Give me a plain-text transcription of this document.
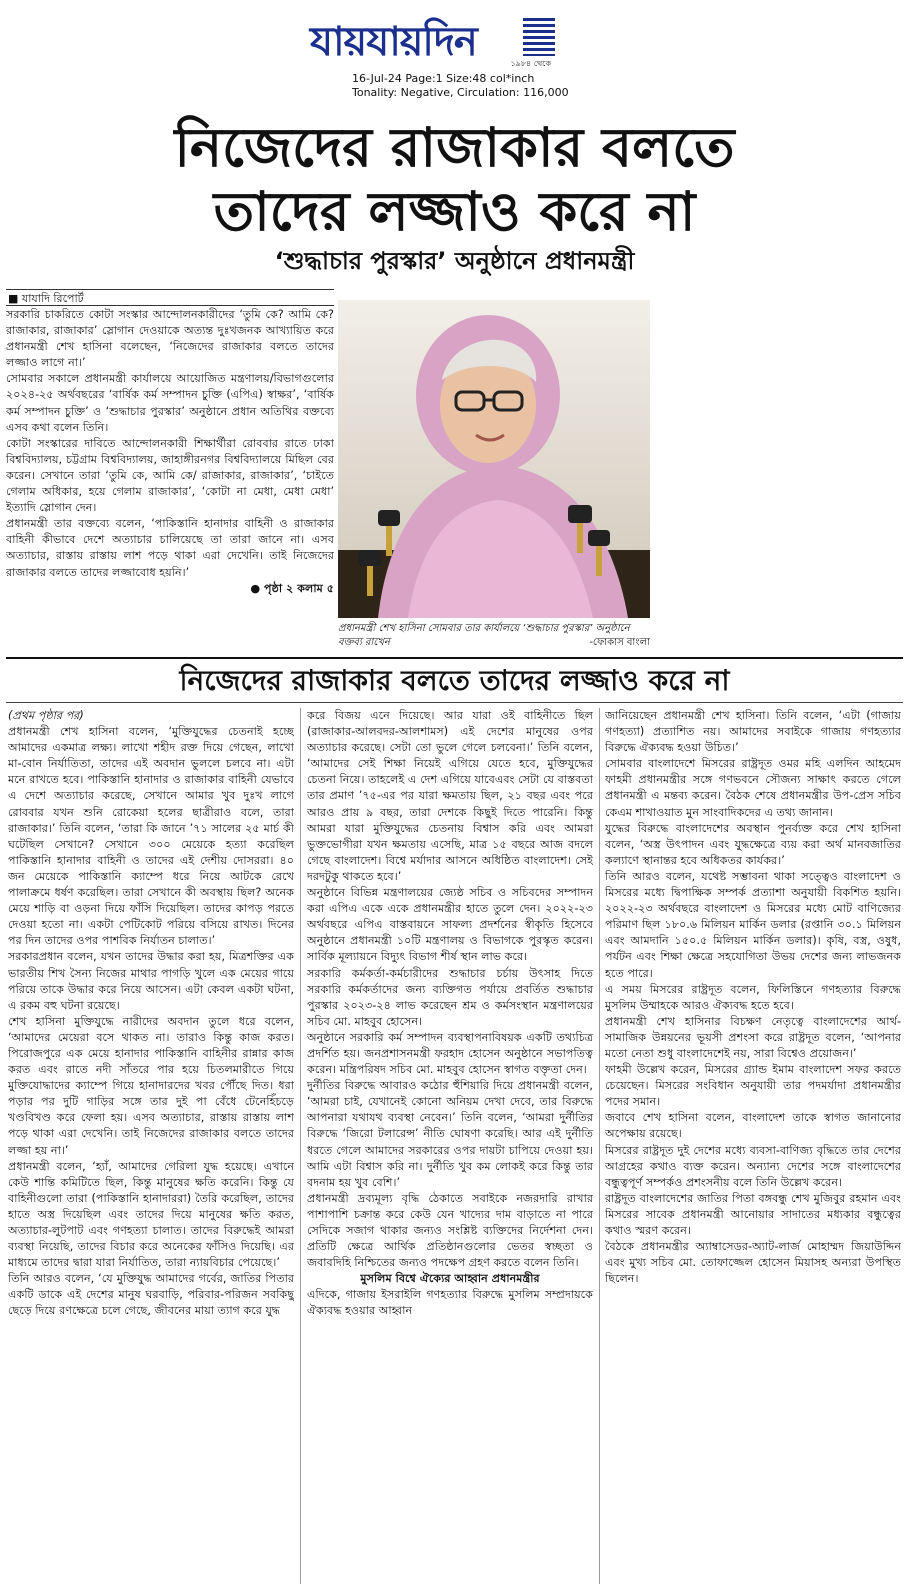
যায়যায়দিন	১৯৮৪ থেকে
16-Jul-24 Page:1 Size:48 col*inch
Tonality: Negative, Circulation: 116,000
নিজেদের রাজাকার বলতে
তাদের লজ্জাও করে না
‘শুদ্ধাচার পুরস্কার’ অনুষ্ঠানে প্রধানমন্ত্রী
■ যাযাদি রিপোর্ট

সরকারি চাকরিতে কোটা সংস্কার আন্দোলনকারীদের ‘তুমি কে? আমি কে? রাজাকার, রাজাকার’ স্লোগান দেওয়াকে অত্যন্ত দুঃখজনক আখ্যায়িত করে প্রধানমন্ত্রী শেখ হাসিনা বলেছেন, ‘নিজেদের রাজাকার বলতে তাদের লজ্জাও লাগে না।’

সোমবার সকালে প্রধানমন্ত্রী কার্যালয়ে আয়োজিত মন্ত্রণালয়/বিভাগগুলোর ২০২৪-২৫ অর্থবছরের ‘বার্ষিক কর্ম সম্পাদন চুক্তি (এপিএ) স্বাক্ষর’, ‘বার্ষিক কর্ম সম্পাদন চুক্তি’ ও ‘শুদ্ধাচার পুরস্কার’ অনুষ্ঠানে প্রধান অতিথির বক্তব্যে এসব কথা বলেন তিনি।

কোটা সংস্কারের দাবিতে আন্দোলনকারী শিক্ষার্থীরা রোববার রাতে ঢাকা বিশ্ববিদ্যালয়, চট্টগ্রাম বিশ্ববিদ্যালয়, জাহাঙ্গীরনগর বিশ্ববিদ্যালয়ে মিছিল বের করেন। সেখানে তারা ‘তুমি কে, আমি কে/ রাজাকার, রাজাকার’, ‘চাইতে গেলাম অধিকার, হয়ে গেলাম রাজাকার’, ‘কোটা না মেধা, মেধা মেধা’ ইত্যাদি স্লোগান দেন।

প্রধানমন্ত্রী তার বক্তব্যে বলেন, ‘পাকিস্তানি হানাদার বাহিনী ও রাজাকার বাহিনী কীভাবে দেশে অত্যাচার চালিয়েছে তা তারা জানে না। এসব অত্যাচার, রাস্তায় রাস্তায় লাশ পড়ে থাকা এরা দেখেনি। তাই নিজেদের রাজাকার বলতে তাদের লজ্জাবোধ হয়নি।’

● পৃষ্ঠা ২ কলাম ৫
প্রধানমন্ত্রী শেখ হাসিনা সোমবার তার কার্যালয়ে ‘শুদ্ধাচার পুরস্কার’ অনুষ্ঠানে বক্তব্য রাখেন	-ফোকাস বাংলা
নিজেদের রাজাকার বলতে তাদের লজ্জাও করে না

(প্রথম পৃষ্ঠার পর)

প্রধানমন্ত্রী শেখ হাসিনা বলেন, ‘মুক্তিযুদ্ধের চেতনাই হচ্ছে আমাদের একমাত্র লক্ষ্য। লাখো শহীদ রক্ত দিয়ে গেছেন, লাখো মা-বোন নির্যাতিতা, তাদের এই অবদান ভুললে চলবে না। এটা মনে রাখতে হবে। পাকিস্তানি হানাদার ও রাজাকার বাহিনী যেভাবে এ দেশে অত্যাচার করেছে, সেখানে আমার খুব দুঃখ লাগে রোববার যখন শুনি রোকেয়া হলের ছাত্রীরাও বলে, তারা রাজাকার।’ তিনি বলেন, ‘তারা কি জানে ’৭১ সালের ২৫ মার্চ কী ঘটেছিল সেখানে? সেখানে ৩০০ মেয়েকে হত্যা করেছিল পাকিস্তানি হানাদার বাহিনী ও তাদের এই দেশীয় দোসররা। ৪০ জন মেয়েকে পাকিস্তানি ক্যাম্পে ধরে নিয়ে আটকে রেখে পালাক্রমে ধর্ষণ করেছিল। তারা সেখানে কী অবস্থায় ছিল? অনেক মেয়ে শাড়ি বা ওড়না দিয়ে ফাঁসি দিয়েছিল। তাদের কাপড় পরতে দেওয়া হতো না। একটা পেটিকোট পরিয়ে বসিয়ে রাখত। দিনের পর দিন তাদের ওপর পাশবিক নির্যাতন চালাত।’

সরকারপ্রধান বলেন, যখন তাদের উদ্ধার করা হয়, মিত্রশক্তির এক ভারতীয় শিখ সৈন্য নিজের মাথার পাগড়ি খুলে এক মেয়ের গায়ে পরিয়ে তাকে উদ্ধার করে নিয়ে আসেন। এটা কেবল একটা ঘটনা, এ রকম বহু ঘটনা রয়েছে।

শেখ হাসিনা মুক্তিযুদ্ধে নারীদের অবদান তুলে ধরে বলেন, ‘আমাদের মেয়েরা বসে থাকত না। তারাও কিন্তু কাজ করত। পিরোজপুরে এক মেয়ে হানাদার পাকিস্তানি বাহিনীর রান্নার কাজ করত এবং রাতে নদী সাঁতরে পার হয়ে চিতলমারীতে গিয়ে মুক্তিযোদ্ধাদের ক্যাম্পে গিয়ে হানাদারদের খবর পৌঁছে দিত। ধরা পড়ার পর দুটি গাড়ির সঙ্গে তার দুই পা বেঁধে টেনেহিঁচড়ে খণ্ডবিখণ্ড করে ফেলা হয়। এসব অত্যাচার, রাস্তায় রাস্তায় লাশ পড়ে থাকা এরা দেখেনি। তাই নিজেদের রাজাকার বলতে তাদের লজ্জা হয় না।’

প্রধানমন্ত্রী বলেন, ‘হ্যাঁ, আমাদের গেরিলা যুদ্ধ হয়েছে। এখানে কেউ শান্তি কমিটিতে ছিল, কিন্তু মানুষের ক্ষতি করেনি। কিন্তু যে বাহিনীগুলো তারা (পাকিস্তানি হানাদাররা) তৈরি করেছিল, তাদের হাতে অস্ত্র দিয়েছিল এবং তাদের দিয়ে মানুষের ক্ষতি করত, অত্যাচার-লুটপাট এবং গণহত্যা চালাত। তাদের বিরুদ্ধেই আমরা ব্যবস্থা নিয়েছি, তাদের বিচার করে অনেকের ফাঁসিও দিয়েছি। এর মাধ্যমে তাদের দ্বারা যারা নির্যাতিত, তারা ন্যায়বিচার পেয়েছে।’

তিনি আরও বলেন, ‘যে মুক্তিযুদ্ধ আমাদের গর্বের, জাতির পিতার একটি ডাকে এই দেশের মানুষ ঘরবাড়ি, পরিবার-পরিজন সবকিছু ছেড়ে দিয়ে রণক্ষেত্রে চলে গেছে, জীবনের মায়া ত্যাগ করে যুদ্ধ

করে বিজয় এনে দিয়েছে। আর যারা ওই বাহিনীতে ছিল (রাজাকার-আলবদর-আলশামস) এই দেশের মানুষের ওপর অত্যাচার করেছে। সেটা তো ভুলে গেলে চলবেনা।’ তিনি বলেন, ‘আমাদের সেই শিক্ষা নিয়েই এগিয়ে যেতে হবে, মুক্তিযুদ্ধের চেতনা নিয়ে। তাহলেই এ দেশ এগিয়ে যাবেএবং সেটা যে বাস্তবতা তার প্রমাণ ’৭৫-এর পর যারা ক্ষমতায় ছিল, ২১ বছর এবং পরে আরও প্রায় ৯ বছর, তারা দেশকে কিছুই দিতে পারেনি। কিন্তু আমরা যারা মুক্তিযুদ্ধের চেতনায় বিশ্বাস করি এবং আমরা ভুক্তভোগীরা যখন ক্ষমতায় এসেছি, মাত্র ১৫ বছরে আজ বদলে গেছে বাংলাদেশ। বিশ্বে মর্যাদার আসনে অধিষ্ঠিত বাংলাদেশ। সেই দরদটুকু থাকতে হবে।’

অনুষ্ঠানে বিভিন্ন মন্ত্রণালয়ের জ্যেষ্ঠ সচিব ও সচিবদের সম্পাদন করা এপিএ একে একে প্রধানমন্ত্রীর হাতে তুলে দেন। ২০২২-২৩ অর্থবছরে এপিএ বাস্তবায়নে সাফল্য প্রদর্শনের স্বীকৃতি হিসেবে অনুষ্ঠানে প্রধানমন্ত্রী ১০টি মন্ত্রণালয় ও বিভাগকে পুরস্কৃত করেন। সার্বিক মূল্যায়নে বিদ্যুৎ বিভাগ শীর্ষ স্থান লাভ করে।

সরকারি কর্মকর্তা-কর্মচারীদের শুদ্ধাচার চর্চায় উৎসাহ দিতে সরকারি কর্মকর্তাদের জন্য ব্যক্তিগত পর্যায়ে প্রবর্তিত শুদ্ধাচার পুরস্কার ২০২৩-২৪ লাভ করেছেন শ্রম ও কর্মসংস্থান মন্ত্রণালয়ের সচিব মো. মাহবুব হোসেন।

অনুষ্ঠানে সরকারি কর্ম সম্পাদন ব্যবস্থাপনাবিষয়ক একটি তথ্যচিত্র প্রদর্শিত হয়। জনপ্রশাসনমন্ত্রী ফরহাদ হোসেন অনুষ্ঠানে সভাপতিত্ব করেন। মন্ত্রিপরিষদ সচিব মো. মাহবুব হোসেন স্বাগত বক্তৃতা দেন।

দুর্নীতির বিরুদ্ধে আবারও কঠোর হুঁশিয়ারি দিয়ে প্রধানমন্ত্রী বলেন, ‘আমরা চাই, যেখানেই কোনো অনিয়ম দেখা দেবে, তার বিরুদ্ধে আপনারা যথাযথ ব্যবস্থা নেবেন।’ তিনি বলেন, ‘আমরা দুর্নীতির বিরুদ্ধে ‘জিরো টলারেন্স’ নীতি ঘোষণা করেছি। আর এই দুর্নীতি ধরতে গেলে আমাদের সরকারের ওপর দায়টা চাপিয়ে দেওয়া হয়। আমি এটা বিশ্বাস করি না। দুর্নীতি খুব কম লোকই করে কিন্তু তার বদনাম হয় খুব বেশি।’

প্রধানমন্ত্রী দ্রব্যমূল্য বৃদ্ধি ঠেকাতে সবাইকে নজরদারি রাখার পাশাপাশি চক্রান্ত করে কেউ যেন খাদ্যের দাম বাড়াতে না পারে সেদিকে সজাগ থাকার জন্যও সংশ্লিষ্ট ব্যক্তিদের নির্দেশনা দেন। প্রতিটি ক্ষেত্রে আর্থিক প্রতিষ্ঠানগুলোর ভেতর স্বচ্ছতা ও জবাবদিহি নিশ্চিতের জন্যও পদক্ষেপ গ্রহণ করতে বলেন তিনি।

মুসলিম বিশ্বে ঐক্যের আহ্বান প্রধানমন্ত্রীর

এদিকে, গাজায় ইসরাইলি গণহত্যার বিরুদ্ধে মুসলিম সম্প্রদায়কে ঐক্যবদ্ধ হওয়ার আহ্বান

জানিয়েছেন প্রধানমন্ত্রী শেখ হাসিনা। তিনি বলেন, ‘এটা (গাজায় গণহত্যা) প্রত্যাশিত নয়। আমাদের সবাইকে গাজায় গণহত্যার বিরুদ্ধে ঐক্যবদ্ধ হওয়া উচিত।’

সোমবার বাংলাদেশে মিসরের রাষ্ট্রদূত ওমর মহি এলদিন আহমেদ ফাহমী প্রধানমন্ত্রীর সঙ্গে গণভবনে সৌজন্য সাক্ষাৎ করতে গেলে প্রধানমন্ত্রী এ মন্তব্য করেন। বৈঠক শেষে প্রধানমন্ত্রীর উপ-প্রেস সচিব কেএম শাখাওয়াত মুন সাংবাদিকদের এ তথ্য জানান।

যুদ্ধের বিরুদ্ধে বাংলাদেশের অবস্থান পুনর্ব্যক্ত করে শেখ হাসিনা বলেন, ‘অস্ত্র উৎপাদন এবং যুদ্ধক্ষেত্রে ব্যয় করা অর্থ মানবজাতির কল্যাণে স্থানান্তর হবে অধিকতর কার্যকর।’

তিনি আরও বলেন, যথেষ্ট সম্ভাবনা থাকা সত্ত্বেও বাংলাদেশ ও মিসরের মধ্যে দ্বিপাক্ষিক সম্পর্ক প্রত্যাশা অনুযায়ী বিকশিত হয়নি। ২০২২-২৩ অর্থবছরে বাংলাদেশ ও মিসরের মধ্যে মোট বাণিজ্যের পরিমাণ ছিল ১৮০.৬ মিলিয়ন মার্কিন ডলার (রপ্তানি ৩০.১ মিলিয়ন এবং আমদানি ১৫০.৫ মিলিয়ন মার্কিন ডলার)। কৃষি, বস্ত্র, ওষুধ, পর্যটন এবং শিক্ষা ক্ষেত্রে সহযোগিতা উভয় দেশের জন্য লাভজনক হতে পারে।

এ সময় মিসরের রাষ্ট্রদূত বলেন, ফিলিস্তিনে গণহত্যার বিরুদ্ধে মুসলিম উম্মাহকে আরও ঐক্যবদ্ধ হতে হবে।

প্রধানমন্ত্রী শেখ হাসিনার বিচক্ষণ নেতৃত্বে বাংলাদেশের আর্থ-সামাজিক উন্নয়নের ভূয়সী প্রশংসা করে রাষ্ট্রদূত বলেন, ‘আপনার মতো নেতা শুধু বাংলাদেশেই নয়, সারা বিশ্বেও প্রয়োজন।’

ফাহমী উল্লেখ করেন, মিসরের গ্র্যান্ড ইমাম বাংলাদেশ সফর করতে চেয়েছেন। মিসরের সংবিধান অনুযায়ী তার পদমর্যাদা প্রধানমন্ত্রীর পদের সমান।

জবাবে শেখ হাসিনা বলেন, বাংলাদেশ তাকে স্বাগত জানানোর অপেক্ষায় রয়েছে।

মিসরের রাষ্ট্রদূত দুই দেশের মধ্যে ব্যবসা-বাণিজ্য বৃদ্ধিতে তার দেশের আগ্রহের কথাও ব্যক্ত করেন। অন্যান্য দেশের সঙ্গে বাংলাদেশের বন্ধুত্বপূর্ণ সম্পর্কও প্রশংসনীয় বলে তিনি উল্লেখ করেন।

রাষ্ট্রদূত বাংলাদেশের জাতির পিতা বঙ্গবন্ধু শেখ মুজিবুর রহমান এবং মিসরের সাবেক প্রধানমন্ত্রী আনোয়ার সাদাতের মধ্যকার বন্ধুত্বের কথাও স্মরণ করেন।

বৈঠকে প্রধানমন্ত্রীর অ্যাম্বাসেডর-অ্যাট-লার্জ মোহাম্মদ জিয়াউদ্দিন এবং মুখ্য সচিব মো. তোফাজ্জেল হোসেন মিয়াসহ অন্যরা উপস্থিত ছিলেন।
